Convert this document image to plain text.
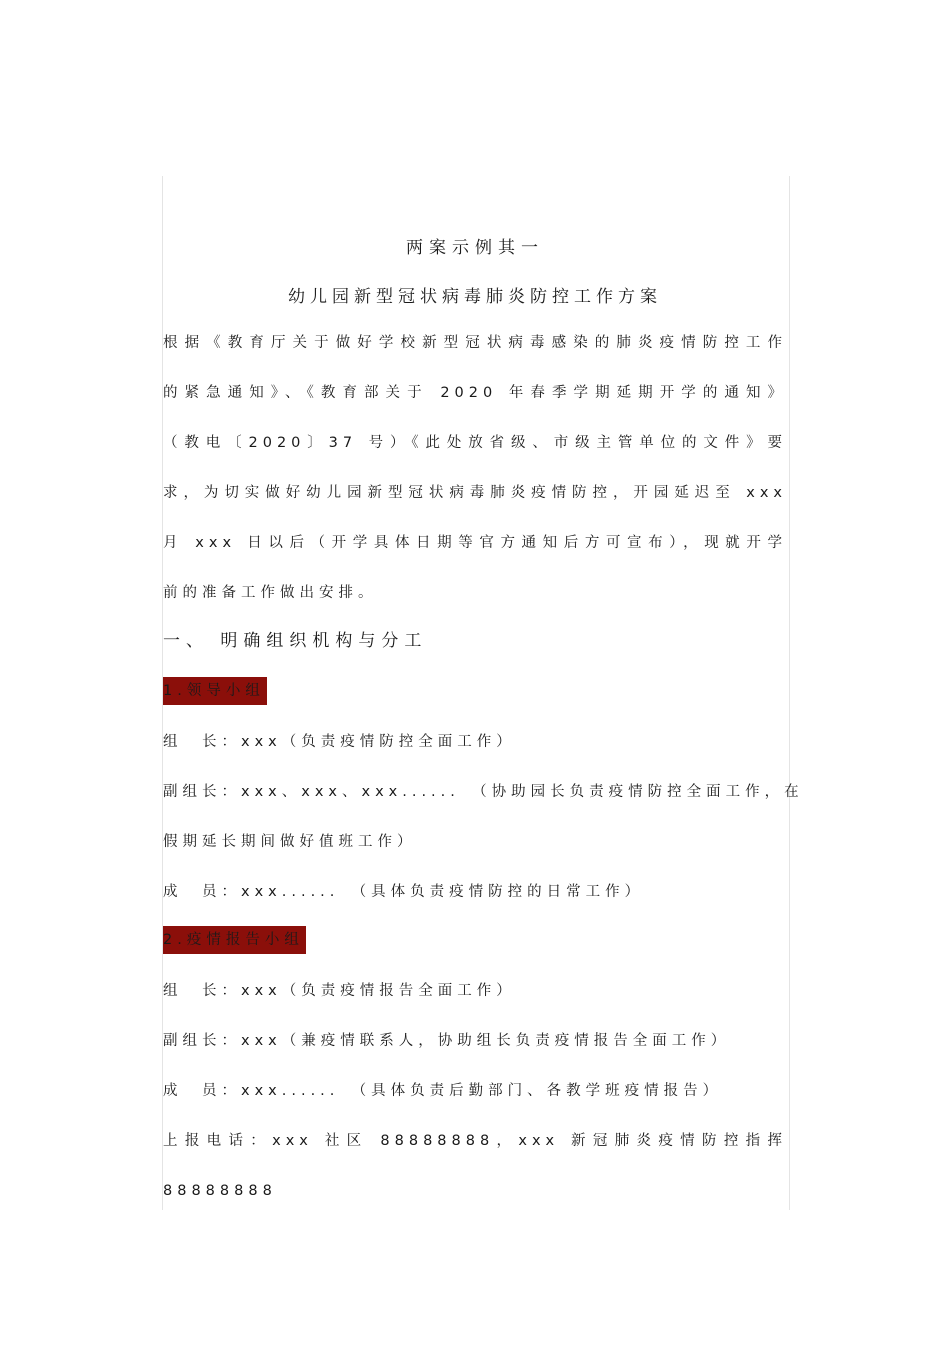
两案示例其一
幼儿园新型冠状病毒肺炎防控工作方案
根据《教育厅关于做好学校新型冠状病毒感染的肺炎疫情防控工作
的紧急通知》、《教育部关于 2020 年春季学期延期开学的通知》
（教电〔2020〕37 号）《此处放省级、市级主管单位的文件》要
求，为切实做好幼儿园新型冠状病毒肺炎疫情防控，开园延迟至 xxx
月 xxx 日以后（开学具体日期等官方通知后方可宣布），现就开学
前的准备工作做出安排。
一、 明确组织机构与分工
1.领导小组
组　长：xxx（负责疫情防控全面工作）
副组长：xxx、xxx、xxx......　（协助园长负责疫情防控全面工作，在
假期延长期间做好值班工作）
成　员：xxx......　（具体负责疫情防控的日常工作）
2.疫情报告小组
组　长：xxx（负责疫情报告全面工作）
副组长：xxx（兼疫情联系人，协助组长负责疫情报告全面工作）
成　员：xxx......　（具体负责后勤部门、各教学班疫情报告）
上报电话：xxx 社区 88888888，xxx 新冠肺炎疫情防控指挥
88888888
